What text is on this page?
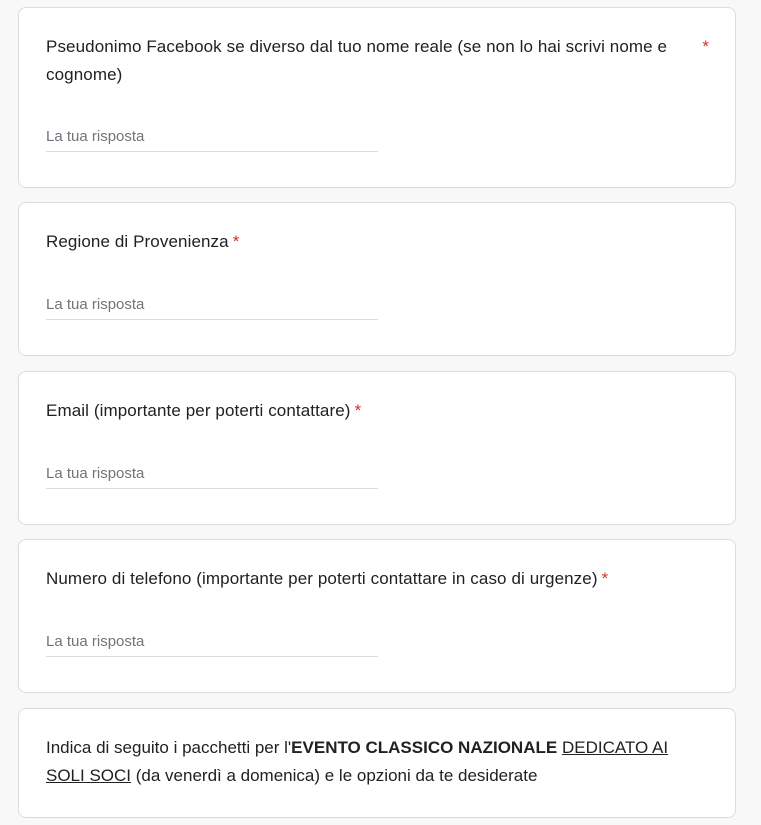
Pseudonimo Facebook se diverso dal tuo nome reale (se non lo hai scrivi nome e cognome)
*
La tua risposta
Regione di Provenienza *
La tua risposta
Email (importante per poterti contattare) *
La tua risposta
Numero di telefono (importante per poterti contattare in caso di urgenze) *
La tua risposta
Indica di seguito i pacchetti per l'EVENTO CLASSICO NAZIONALE DEDICATO AI SOLI SOCI (da venerdì a domenica) e le opzioni da te desiderate
